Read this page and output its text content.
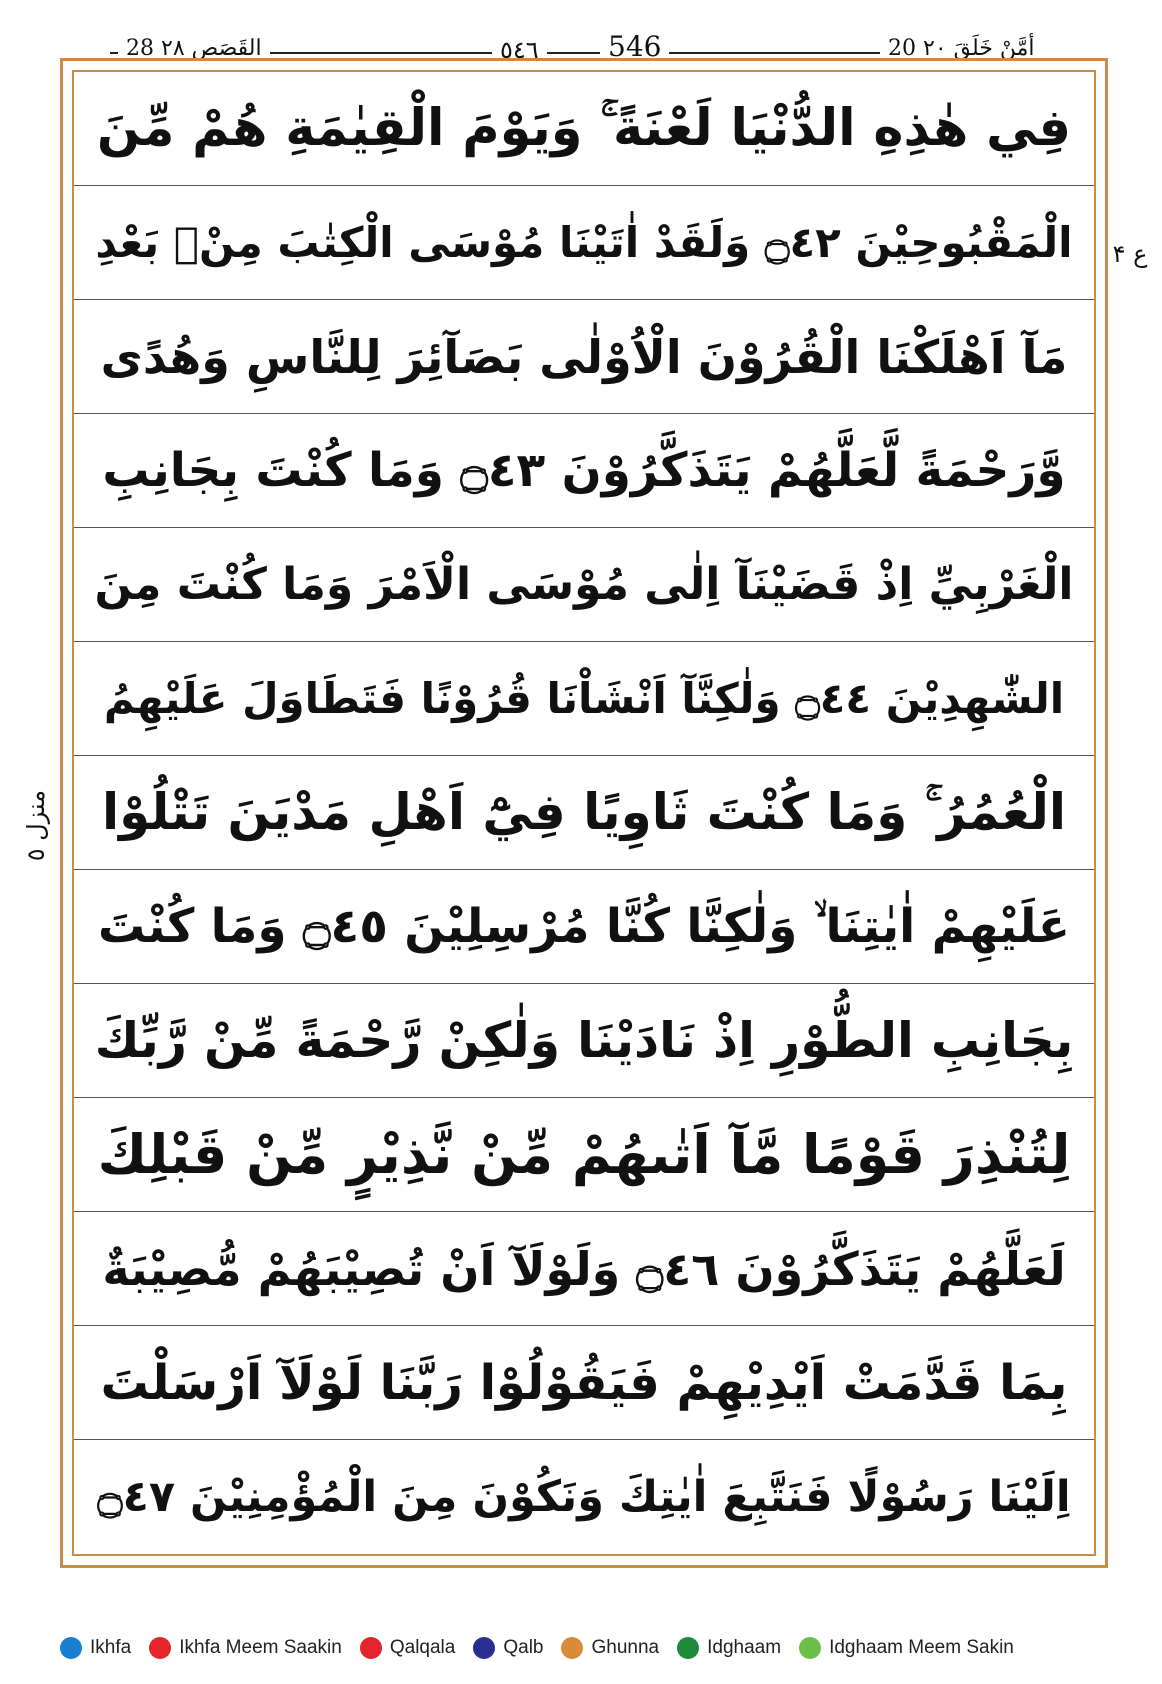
28 القَصَص ٢٨	٥٤٦ 546	20 أمَّنْ خَلَقَ ٢٠
فِي هٰذِهِ الدُّنْيَا لَعْنَةً ۚ وَيَوْمَ الْقِيٰمَةِ هُمْ مِّنَ
الْمَقْبُوحِيْنَ ۝٤٢ وَلَقَدْ اٰتَيْنَا مُوْسَى الْكِتٰبَ مِنْۢ بَعْدِ
مَآ اَهْلَكْنَا الْقُرُوْنَ الْاُوْلٰى بَصَآئِرَ لِلنَّاسِ وَهُدًى
وَّرَحْمَةً لَّعَلَّهُمْ يَتَذَكَّرُوْنَ ۝٤٣ وَمَا كُنْتَ بِجَانِبِ
الْغَرْبِيِّ اِذْ قَضَيْنَآ اِلٰى مُوْسَى الْاَمْرَ وَمَا كُنْتَ مِنَ
الشّٰهِدِيْنَ ۝٤٤ وَلٰكِنَّآ اَنْشَاْنَا قُرُوْنًا فَتَطَاوَلَ عَلَيْهِمُ
الْعُمُرُ ۚ وَمَا كُنْتَ ثَاوِيًا فِيْٓ اَهْلِ مَدْيَنَ تَتْلُوْا
عَلَيْهِمْ اٰيٰتِنَا ۙ وَلٰكِنَّا كُنَّا مُرْسِلِيْنَ ۝٤٥ وَمَا كُنْتَ
بِجَانِبِ الطُّوْرِ اِذْ نَادَيْنَا وَلٰكِنْ رَّحْمَةً مِّنْ رَّبِّكَ
لِتُنْذِرَ قَوْمًا مَّآ اَتٰىهُمْ مِّنْ نَّذِيْرٍ مِّنْ قَبْلِكَ
لَعَلَّهُمْ يَتَذَكَّرُوْنَ ۝٤٦ وَلَوْلَآ اَنْ تُصِيْبَهُمْ مُّصِيْبَةٌ
بِمَا قَدَّمَتْ اَيْدِيْهِمْ فَيَقُوْلُوْا رَبَّنَا لَوْلَآ اَرْسَلْتَ
اِلَيْنَا رَسُوْلًا فَنَتَّبِعَ اٰيٰتِكَ وَنَكُوْنَ مِنَ الْمُؤْمِنِيْنَ ۝٤٧
ع ۴
منزل ٥
Ikhfa	Ikhfa Meem Saakin	Qalqala	Qalb	Ghunna	Idghaam	Idghaam Meem Sakin
